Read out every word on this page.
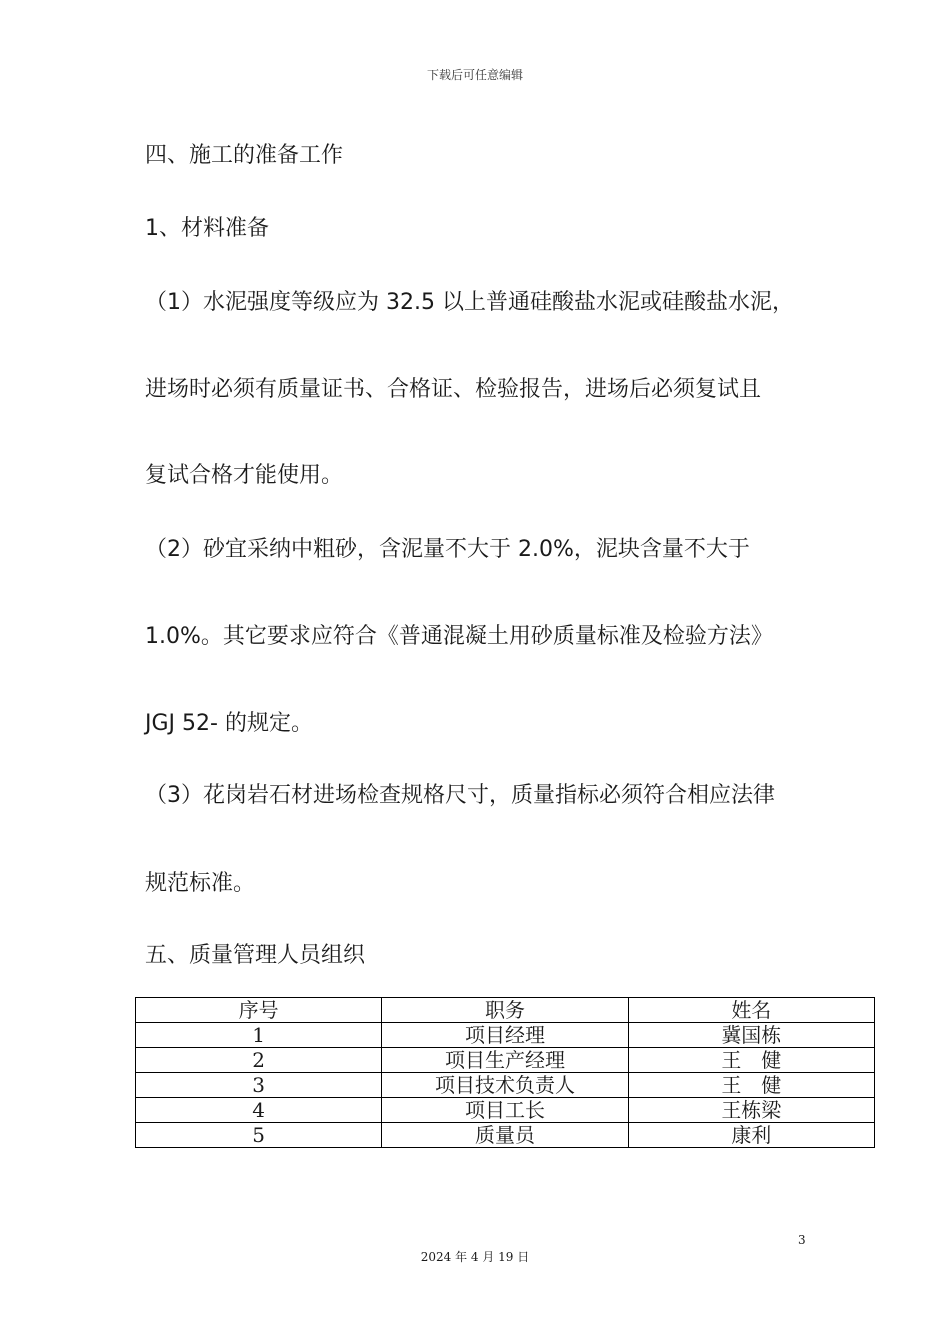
下载后可任意编辑
四、施工的准备工作
1、材料准备
（1）水泥强度等级应为 32.5 以上普通硅酸盐水泥或硅酸盐水泥，
进场时必须有质量证书、合格证、检验报告，进场后必须复试且
复试合格才能使用。
（2）砂宜采纳中粗砂，含泥量不大于 2.0%，泥块含量不大于
1.0%。其它要求应符合《普通混凝土用砂质量标准及检验方法》
JGJ 52- 的规定。
（3）花岗岩石材进场检查规格尺寸，质量指标必须符合相应法律
规范标准。
五、质量管理人员组织
序号	职务	姓名
1	项目经理	冀国栋
2	项目生产经理	王　健
3	项目技术负责人	王　健
4	项目工长	王栋梁
5	质量员	康利
3
2024 年 4 月 19 日
